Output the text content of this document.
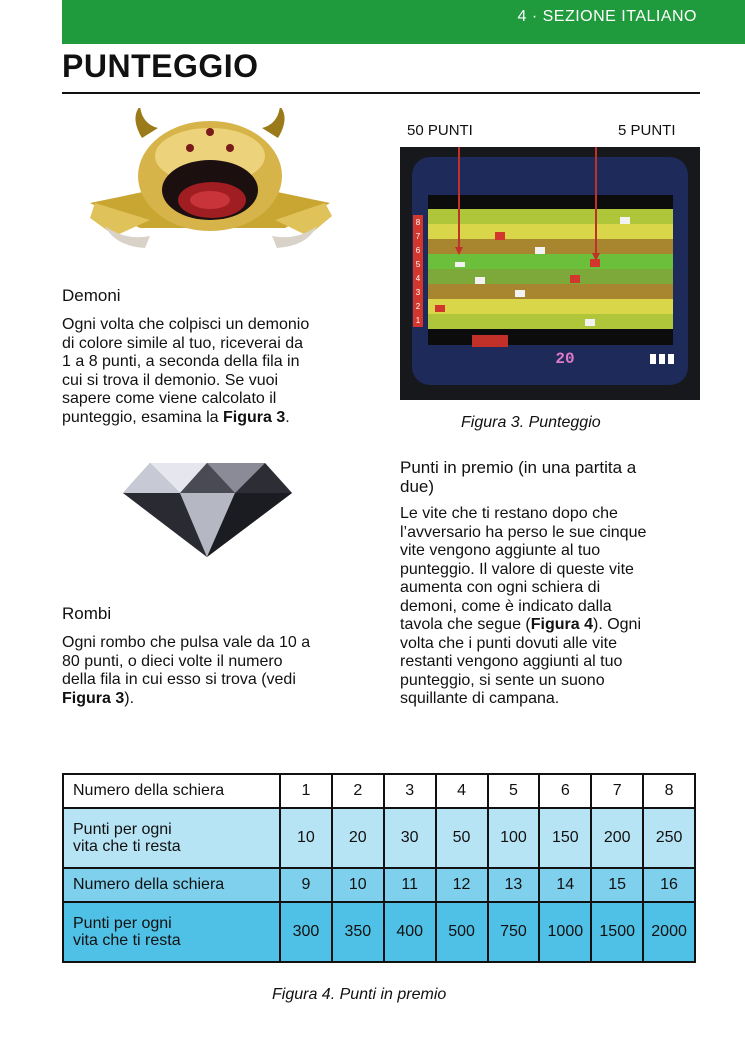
4 · SEZIONE ITALIANO
PUNTEGGIO
Demoni
Ogni volta che colpisci un demonio
di colore simile al tuo, riceverai da
1 a 8 punti, a seconda della fila in
cui si trova il demonio. Se vuoi
sapere come viene calcolato il
punteggio, esamina la Figura 3.
Rombi
Ogni rombo che pulsa vale da 10 a
80 punti, o dieci volte il numero
della fila in cui esso si trova (vedi
Figura 3).
50 PUNTI	5 PUNTI
8
7
6
5
4
3
2
1
20
Figura 3. Punteggio
Punti in premio (in una partita a
due)
Le vite che ti restano dopo che
l’avversario ha perso le sue cinque
vite vengono aggiunte al tuo
punteggio. Il valore di queste vite
aumenta con ogni schiera di
demoni, come è indicato dalla
tavola che segue (Figura 4). Ogni
volta che i punti dovuti alle vite
restanti vengono aggiunti al tuo
punteggio, si sente un suono
squillante di campana.
Numero della schiera	1	2	3	4	5	6	7	8

Punti per ogni
vita che ti resta	10	20	30	50	100	150	200	250

Numero della schiera	9	10	11	12	13	14	15	16

Punti per ogni
vita che ti resta	300	350	400	500	750	1000	1500	2000
Figura 4. Punti in premio
